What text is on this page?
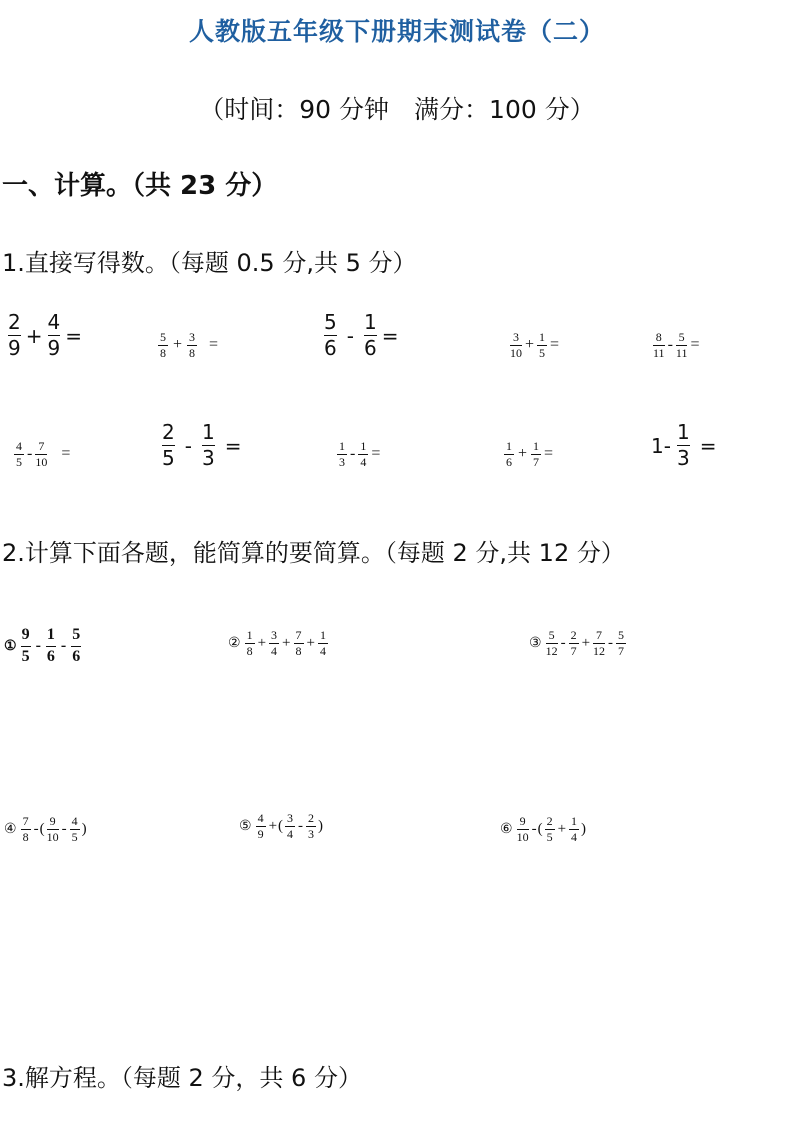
人教版五年级下册期末测试卷（二）
（时间：90 分钟　满分：100 分）
一、计算。（共 23 分）
1.直接写得数。（每题 0.5 分,共 5 分）
$\frac{2}{9} + \frac{4}{9}$ =	$\frac{5}{8} + \frac{3}{8}$ =	$\frac{5}{6} - \frac{1}{6}$ =	$\frac{3}{10} + \frac{1}{5}$ =	$\frac{8}{11} - \frac{5}{11}$ =
$\frac{4}{5} - \frac{7}{10}$ =	$\frac{2}{5} - \frac{1}{3}$ =	$\frac{1}{3} - \frac{1}{4}$ =	$\frac{1}{6} + \frac{1}{7}$ =	$1- \frac{1}{3}$ =
2.计算下面各题，能简算的要简算。（每题 2 分,共 12 分）
① $\frac{9}{5} - \frac{1}{6} - \frac{5}{6}$	② $\frac{1}{8} + \frac{3}{4} + \frac{7}{8} + \frac{1}{4}$	③ $\frac{5}{12} - \frac{2}{7} + \frac{7}{12} - \frac{5}{7}$
④ $\frac{7}{8}$ - ( $\frac{9}{10} - \frac{4}{5}$ )	⑤ $\frac{4}{9}$ + ( $\frac{3}{4} - \frac{2}{3}$ )	⑥ $\frac{9}{10}$ - ( $\frac{2}{5} + \frac{1}{4}$ )
3.解方程。（每题 2 分，共 6 分）
